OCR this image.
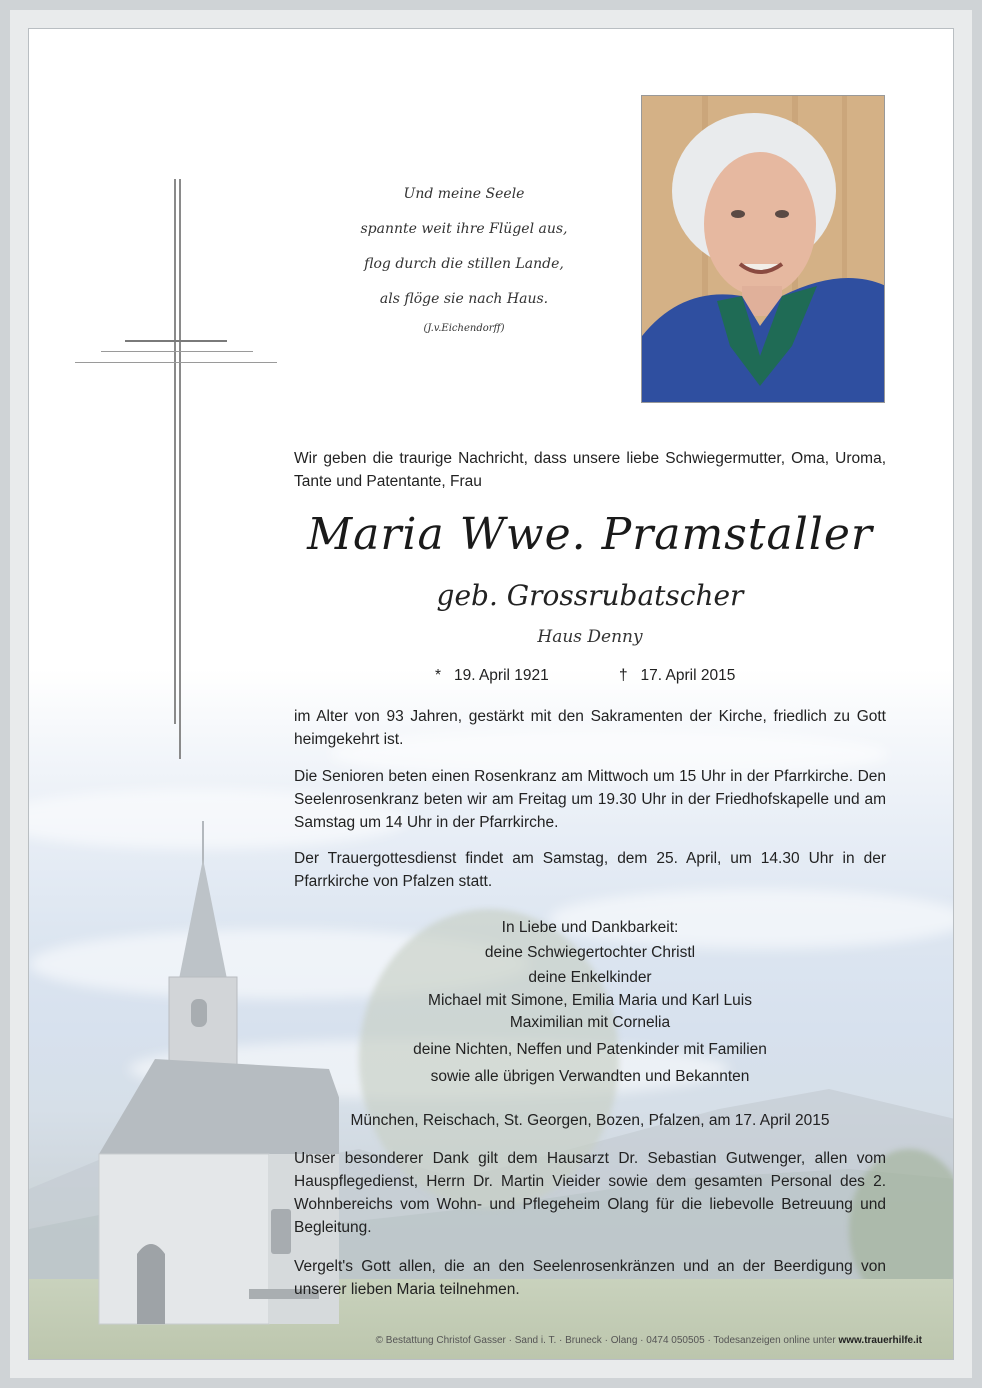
Und meine Seele
spannte weit ihre Flügel aus,
flog durch die stillen Lande,
als flöge sie nach Haus.
(J.v.Eichendorff)
Wir geben die traurige Nachricht, dass unsere liebe Schwiegermutter, Oma, Uroma, Tante und Patentante, Frau
Maria Wwe. Pramstaller
geb. Grossrubatscher
Haus Denny
* 19. April 1921	† 17. April 2015
im Alter von 93 Jahren, gestärkt mit den Sakramenten der Kirche, friedlich zu Gott heimgekehrt ist.
Die Senioren beten einen Rosenkranz am Mittwoch um 15 Uhr in der Pfarrkirche. Den Seelenrosenkranz beten wir am Freitag um 19.30 Uhr in der Friedhofskapelle und am Samstag um 14 Uhr in der Pfarrkirche.
Der Trauergottesdienst findet am Samstag, dem 25. April, um 14.30 Uhr in der Pfarrkirche von Pfalzen statt.
In Liebe und Dankbarkeit:
deine Schwiegertochter Christl
deine Enkelkinder
Michael mit Simone, Emilia Maria und Karl Luis
Maximilian mit Cornelia
deine Nichten, Neffen und Patenkinder mit Familien
sowie alle übrigen Verwandten und Bekannten
München, Reischach, St. Georgen, Bozen, Pfalzen, am 17. April 2015
Unser besonderer Dank gilt dem Hausarzt Dr. Sebastian Gutwenger, allen vom Hauspflegedienst, Herrn Dr. Martin Vieider sowie dem gesamten Personal des 2. Wohnbereichs vom Wohn- und Pflegeheim Olang für die liebevolle Betreuung und Begleitung.
Vergelt's Gott allen, die an den Seelenrosenkränzen und an der Beerdigung von unserer lieben Maria teilnehmen.
© Bestattung Christof Gasser · Sand i. T. · Bruneck · Olang · 0474 050505 · Todesanzeigen online unter www.trauerhilfe.it
